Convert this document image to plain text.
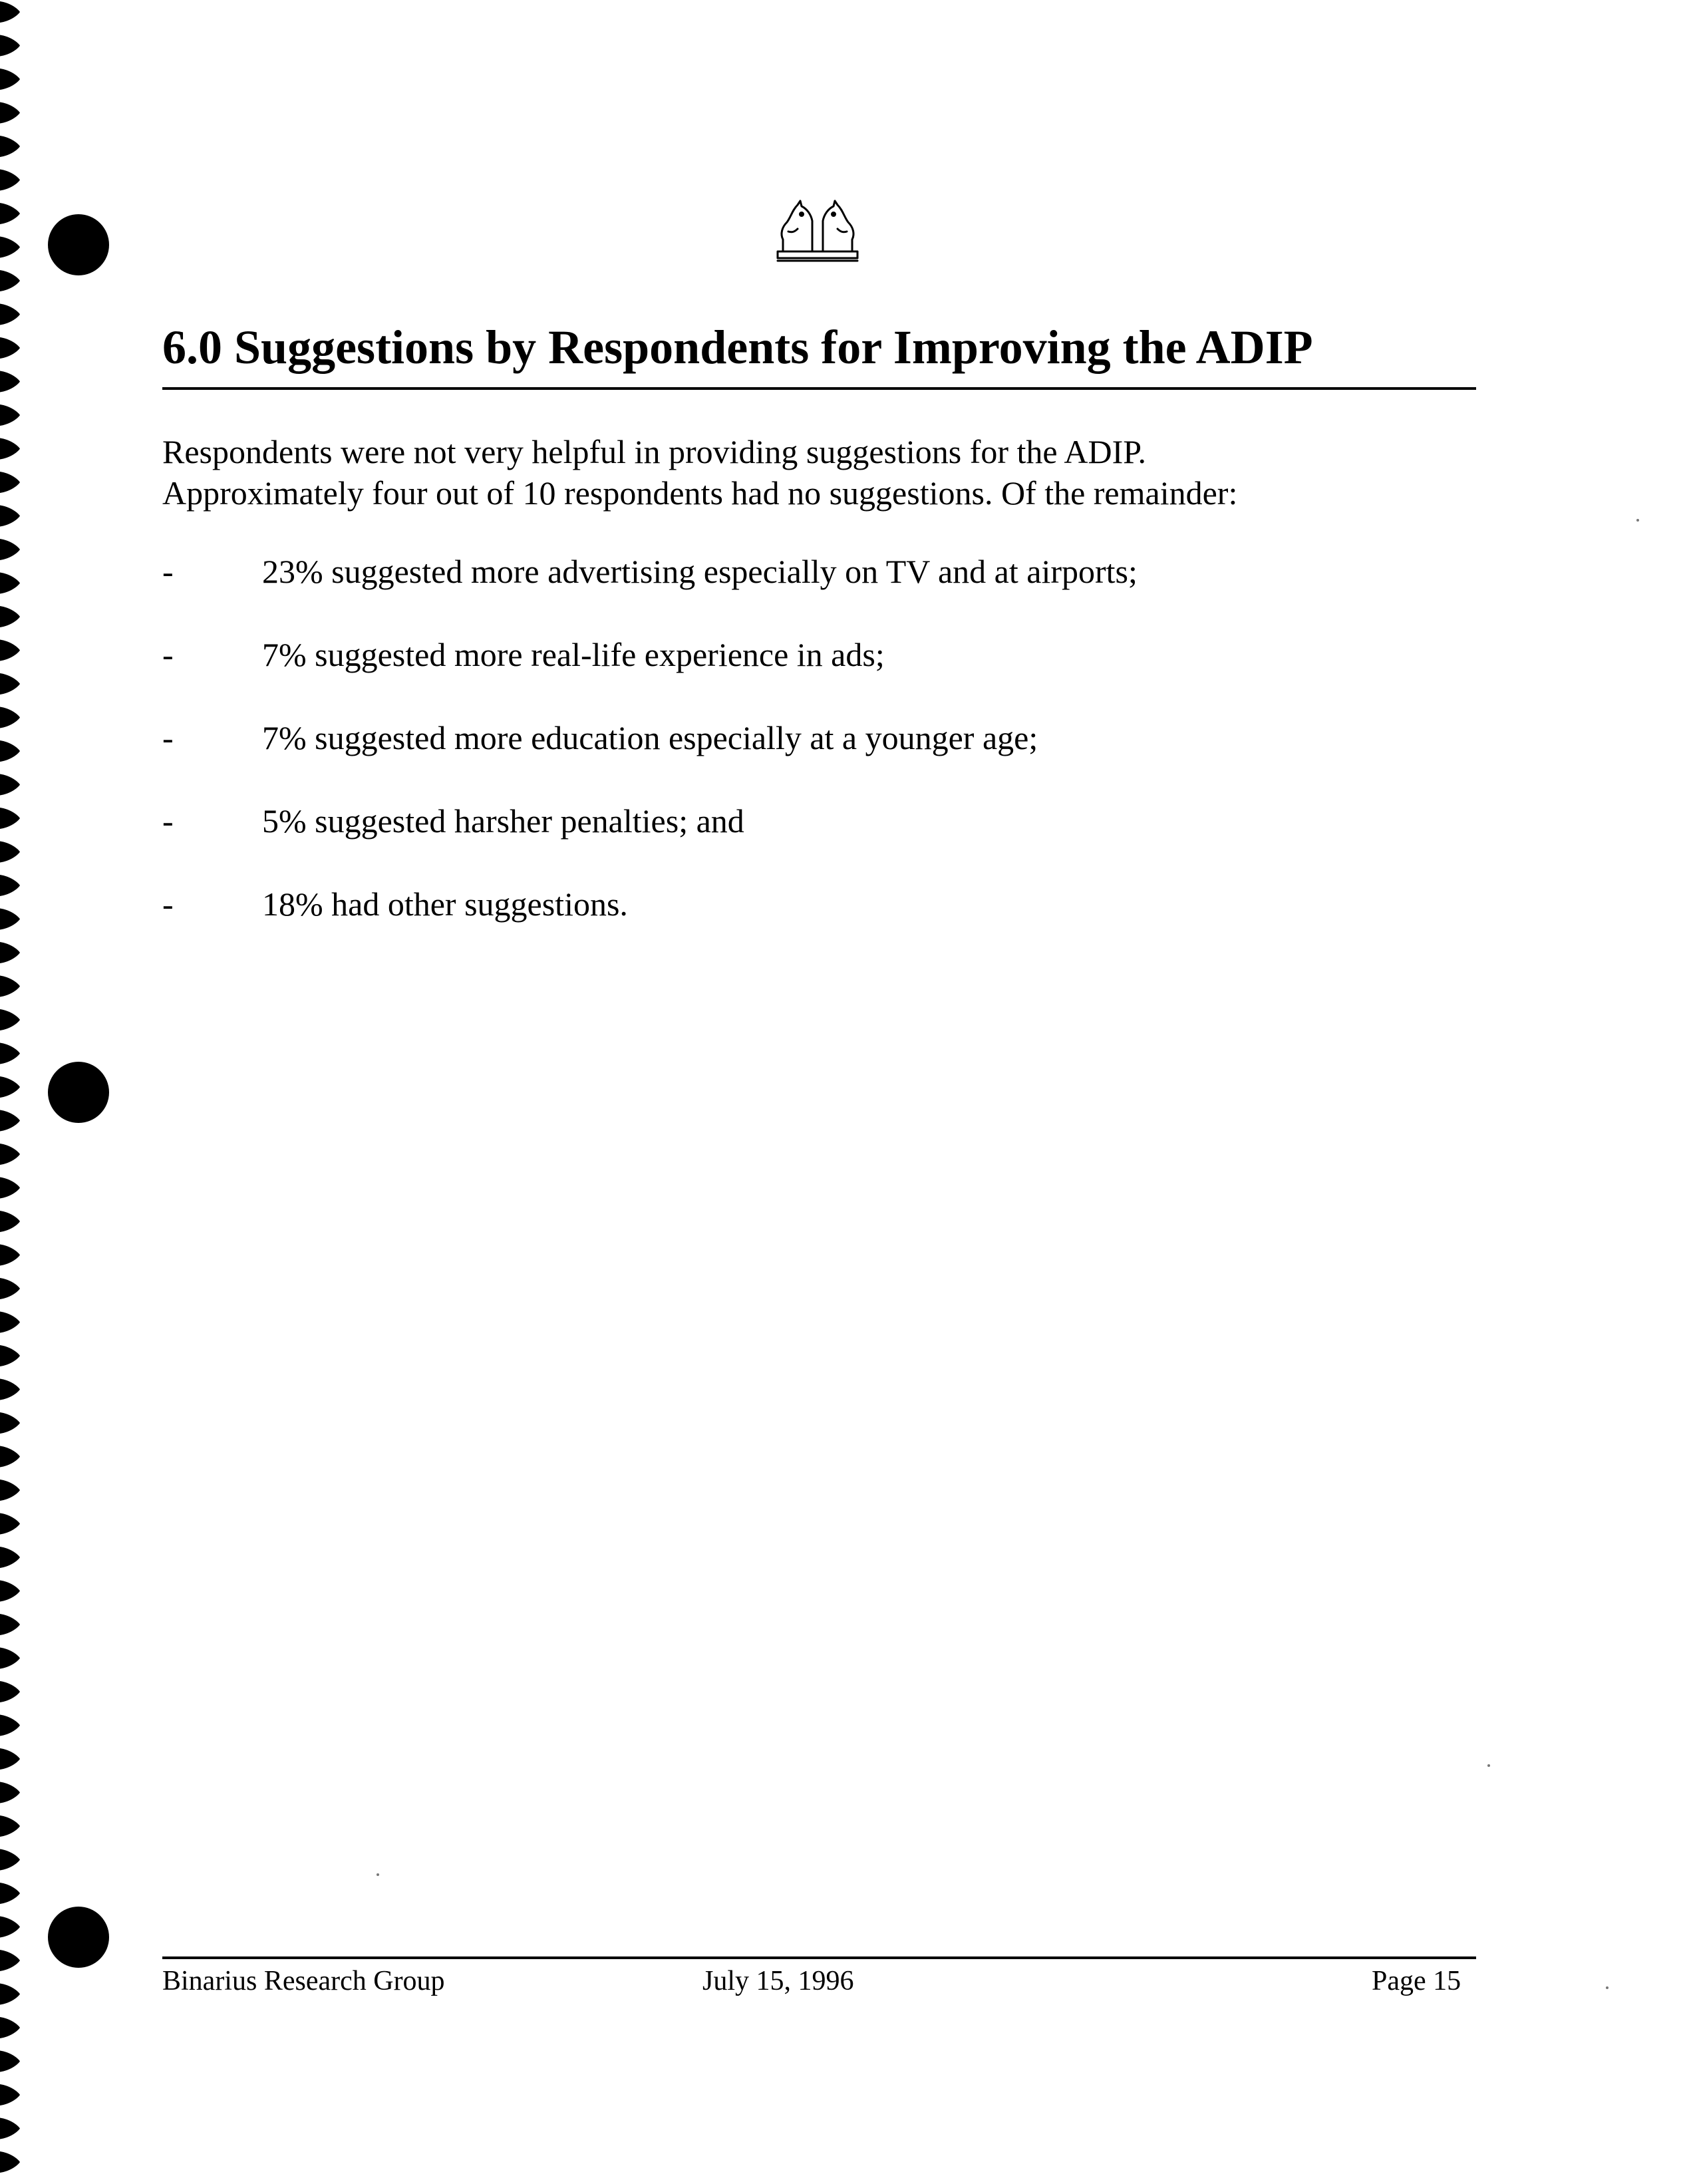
6.0 Suggestions by Respondents for Improving the ADIP
Respondents were not very helpful in providing suggestions for the ADIP.
Approximately four out of 10 respondents had no suggestions. Of the remainder:
-	23% suggested more advertising especially on TV and at airports;
-	7% suggested more real-life experience in ads;
-	7% suggested more education especially at a younger age;
-	5% suggested harsher penalties; and
-	18% had other suggestions.
Binarius Research Group	July 15, 1996	Page 15
